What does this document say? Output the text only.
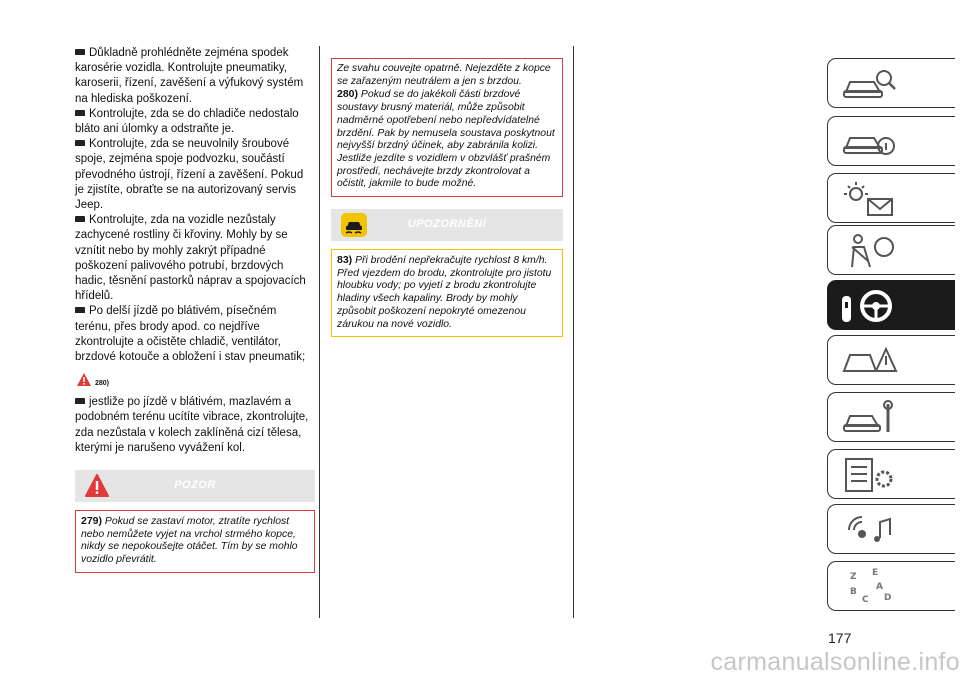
Důkladně prohlédněte zejména spodek karosérie vozidla. Kontrolujte pneumatiky, karoserii, řízení, zavěšení a výfukový systém na hlediska poškození.

Kontrolujte, zda se do chladiče nedostalo bláto ani úlomky a odstraňte je.

Kontrolujte, zda se neuvolnily šroubové spoje, zejména spoje podvozku, součástí převodného ústrojí, řízení a zavěšení. Pokud je zjistíte, obraťte se na autorizovaný servis Jeep.

Kontrolujte, zda na vozidle nezůstaly zachycené rostliny či křoviny. Mohly by se vznítit nebo by mohly zakrýt případné poškození palivového potrubí, brzdových hadic, těsnění pastorků náprav a spojovacích hřídelů.

Po delší jízdě po blátivém, písečném terénu, přes brody apod. co nejdříve zkontrolujte a očistěte chladič, ventilátor, brzdové kotouče a obložení i stav pneumatik;

280)

jestliže po jízdě v blátivém, mazlavém a podobném terénu ucítíte vibrace, zkontrolujte, zda nezůstala v kolech zaklíněná cizí tělesa, kterými je narušeno vyvážení kol.

POZOR

279) Pokud se zastaví motor, ztratíte rychlost nebo nemůžete vyjet na vrchol strmého kopce, nikdy se nepokoušejte otáčet. Tím by se mohlo vozidlo převrátit.

Ze svahu couvejte opatrně. Nejezděte z kopce se zařazeným neutrálem a jen s brzdou.

280) Pokud se do jakékoli části brzdové soustavy brusný materiál, může způsobit nadměrné opotřebení nebo nepředvídatelné brzdění. Pak by nemusela soustava poskytnout nejvyšší brzdný účinek, aby zabránila kolizi. Jestliže jezdíte s vozidlem v obzvlášť prašném prostředí, nechávejte brzdy zkontrolovat a očistit, jakmile to bude možné.

UPOZORNĚNÍ

83) Při brodění nepřekračujte rychlost 8 km/h. Před vjezdem do brodu, zkontrolujte pro jistotu hloubku vody; po vyjetí z brodu zkontrolujte hladiny všech kapaliny. Brody by mohly způsobit poškození nepokryté omezenou zárukou na nové vozidlo.

Z E
B A
C D
177
carmanualsonline.info
